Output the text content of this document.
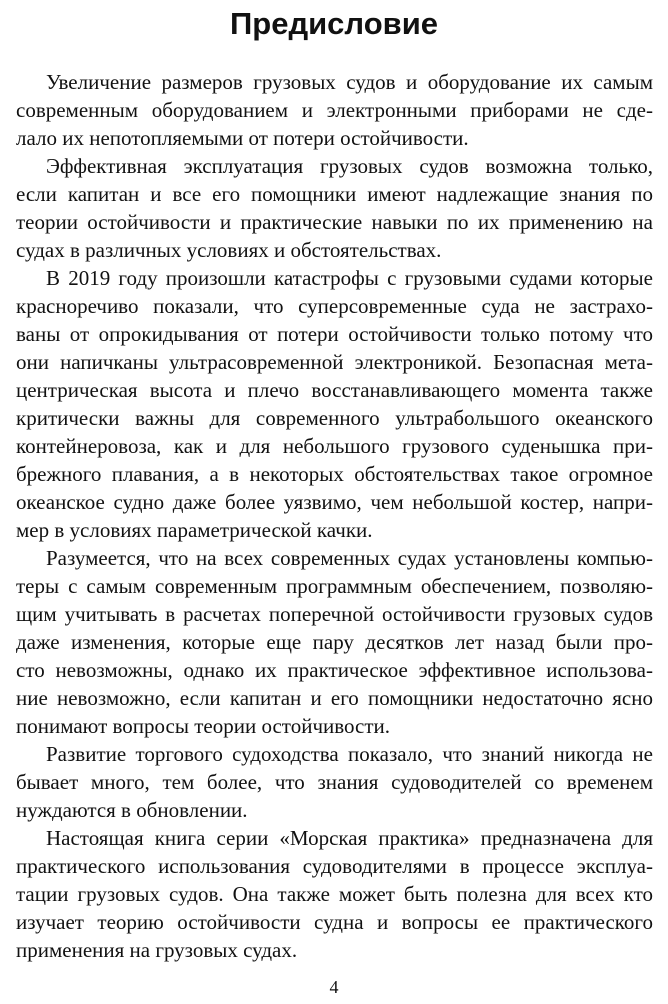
Предисловие
Увеличение размеров грузовых судов и оборудование их самым
современным оборудованием и электронными приборами не сде-
лало их непотопляемыми от потери остойчивости.
Эффективная эксплуатация грузовых судов возможна только,
если капитан и все его помощники имеют надлежащие знания по
теории остойчивости и практические навыки по их применению на
судах в различных условиях и обстоятельствах.
В 2019 году произошли катастрофы с грузовыми судами которые
красноречиво показали, что суперсовременные суда не застрахо-
ваны от опрокидывания от потери остойчивости только потому что
они напичканы ультрасовременной электроникой. Безопасная мета-
центрическая высота и плечо восстанавливающего момента также
критически важны для современного ультрабольшого океанского
контейнеровоза, как и для небольшого грузового суденышка при-
брежного плавания, а в некоторых обстоятельствах такое огромное
океанское судно даже более уязвимо, чем небольшой костер, напри-
мер в условиях параметрической качки.
Разумеется, что на всех современных судах установлены компью-
теры с самым современным программным обеспечением, позволяю-
щим учитывать в расчетах поперечной остойчивости грузовых судов
даже изменения, которые еще пару десятков лет назад были про-
сто невозможны, однако их практическое эффективное использова-
ние невозможно, если капитан и его помощники недостаточно ясно
понимают вопросы теории остойчивости.
Развитие торгового судоходства показало, что знаний никогда не
бывает много, тем более, что знания судоводителей со временем
нуждаются в обновлении.
Настоящая книга серии «Морская практика» предназначена для
практического использования судоводителями в процессе эксплуа-
тации грузовых судов. Она также может быть полезна для всех кто
изучает теорию остойчивости судна и вопросы ее практического
применения на грузовых судах.
4
